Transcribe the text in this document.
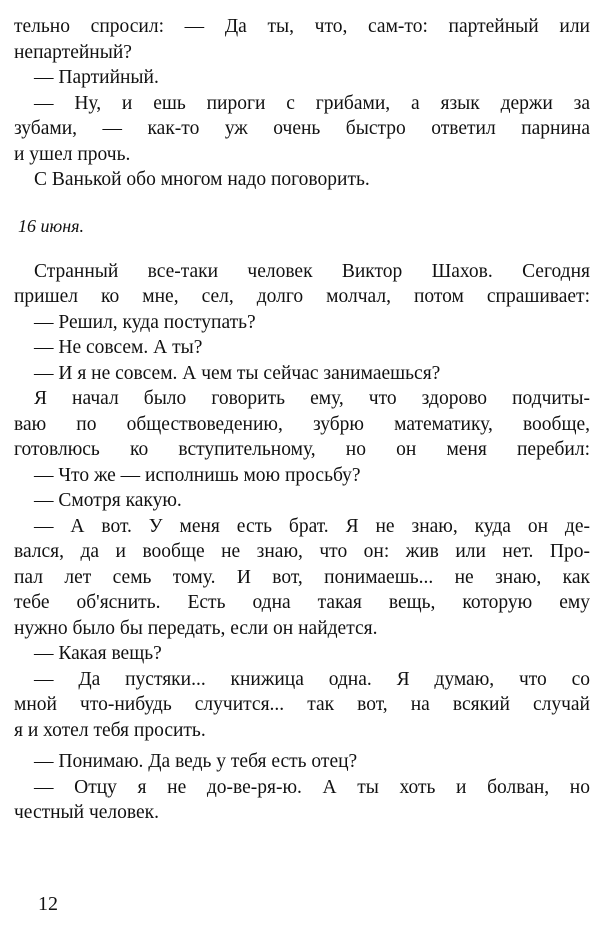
тельно спросил: — Да ты, что, сам-то: партейный или
непартейный?
— Партийный.
— Ну, и ешь пироги с грибами, а язык держи за
зубами, — как-то уж очень быстро ответил парнина
и ушел прочь.
С Ванькой обо многом надо поговорить.
16 июня.
Странный все-таки человек Виктор Шахов. Сегодня
пришел ко мне, сел, долго молчал, потом спрашивает:
— Решил, куда поступать?
— Не совсем. А ты?
— И я не совсем. А чем ты сейчас занимаешься?
Я начал было говорить ему, что здорово подчиты-
ваю по обществоведению, зубрю математику, вообще,
готовлюсь ко вступительному, но он меня перебил:
— Что же — исполнишь мою просьбу?
— Смотря какую.
— А вот. У меня есть брат. Я не знаю, куда он де-
вался, да и вообще не знаю, что он: жив или нет. Про-
пал лет семь тому. И вот, понимаешь... не знаю, как
тебе об'яснить. Есть одна такая вещь, которую ему
нужно было бы передать, если он найдется.
— Какая вещь?
— Да пустяки... книжица одна. Я думаю, что со
мной что-нибудь случится... так вот, на всякий случай
я и хотел тебя просить.
— Понимаю. Да ведь у тебя есть отец?
— Отцу я не до-ве-ря-ю. А ты хоть и болван, но
честный человек.
12
